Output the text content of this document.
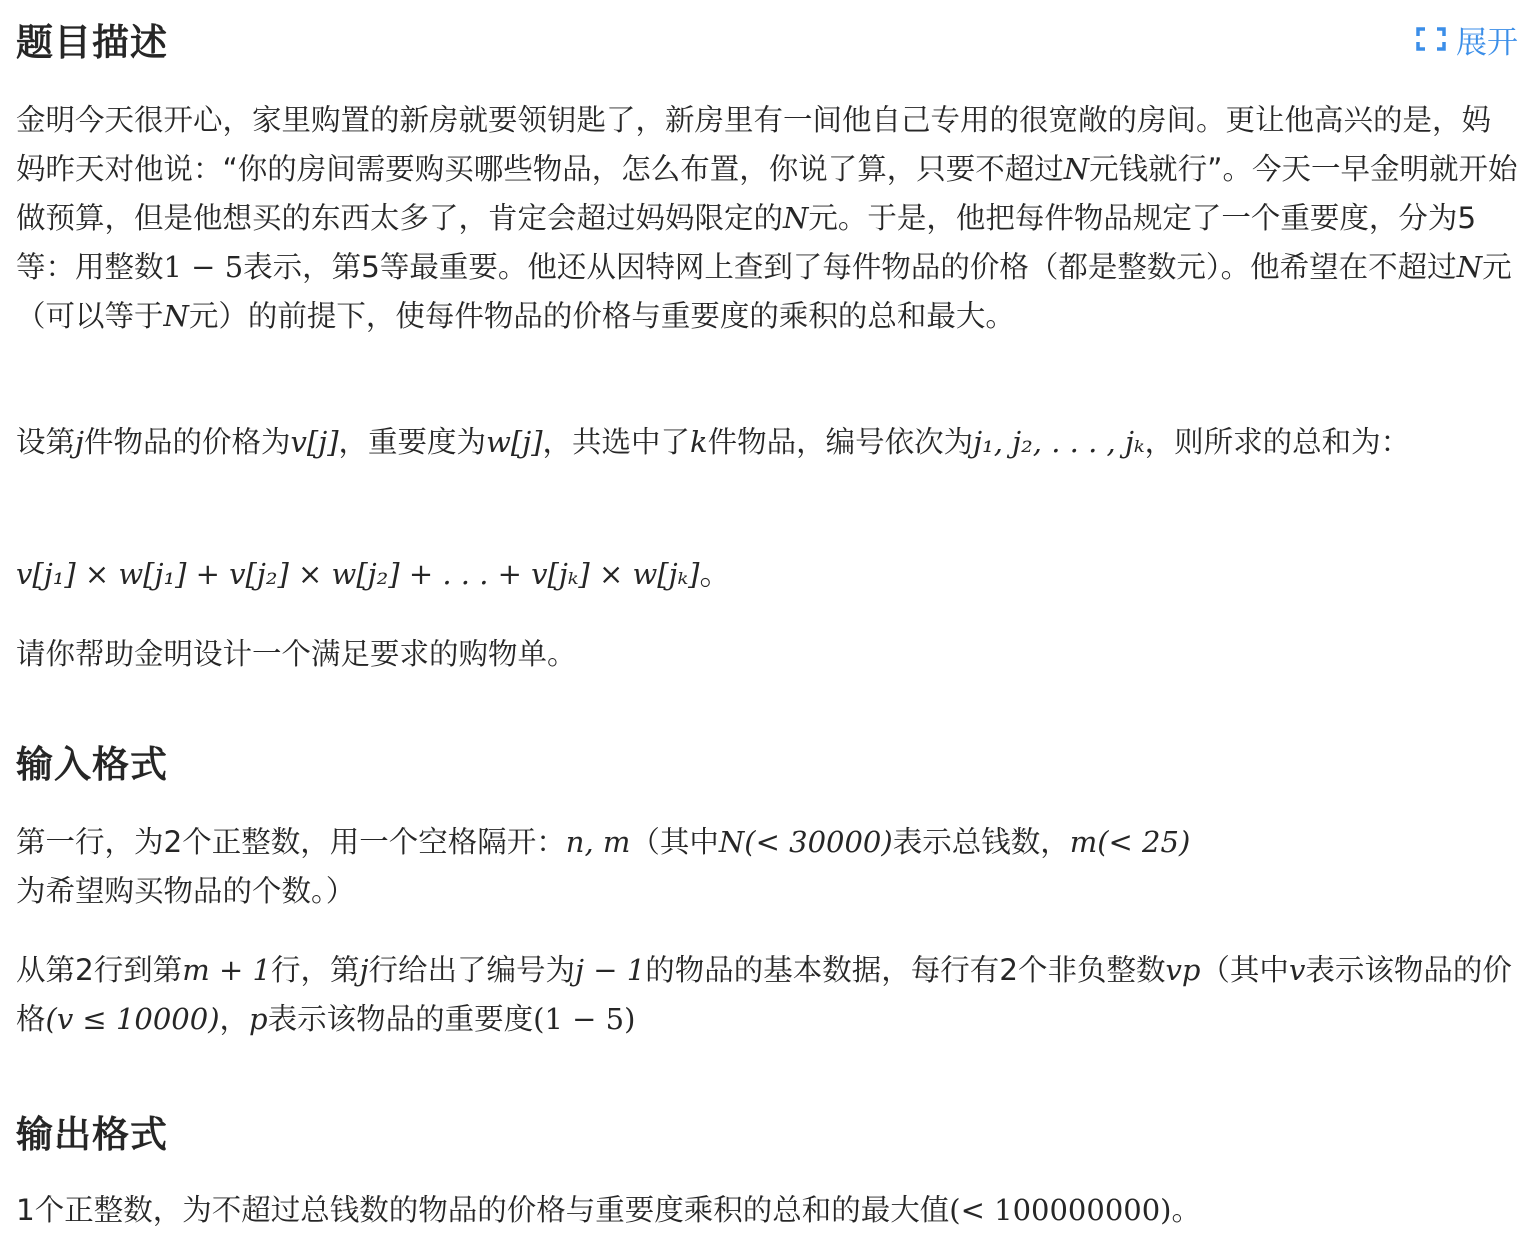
题目描述	展开

金明今天很开心，家里购置的新房就要领钥匙了，新房里有一间他自己专用的很宽敞的房间。更让他高兴的是，妈妈昨天对他说：“你的房间需要购买哪些物品，怎么布置，你说了算，只要不超过N元钱就行”。今天一早金明就开始做预算，但是他想买的东西太多了，肯定会超过妈妈限定的N元。于是，他把每件物品规定了一个重要度，分为5等：用整数1 − 5表示，第5等最重要。他还从因特网上查到了每件物品的价格（都是整数元）。他希望在不超过N元（可以等于N元）的前提下，使每件物品的价格与重要度的乘积的总和最大。

设第j件物品的价格为v[j]，重要度为w[j]，共选中了k件物品，编号依次为j₁, j₂, . . . , jₖ，则所求的总和为：

v[j₁] × w[j₁] + v[j₂] × w[j₂] + . . . + v[jₖ] × w[jₖ]。

请你帮助金明设计一个满足要求的购物单。

输入格式

第一行，为2个正整数，用一个空格隔开：n, m（其中N(< 30000)表示总钱数，m(< 25)为希望购买物品的个数。）

从第2行到第m + 1行，第j行给出了编号为j − 1的物品的基本数据，每行有2个非负整数vp（其中v表示该物品的价格(v ≤ 10000)，p表示该物品的重要度(1 − 5)

输出格式

1个正整数，为不超过总钱数的物品的价格与重要度乘积的总和的最大值(< 100000000)。
